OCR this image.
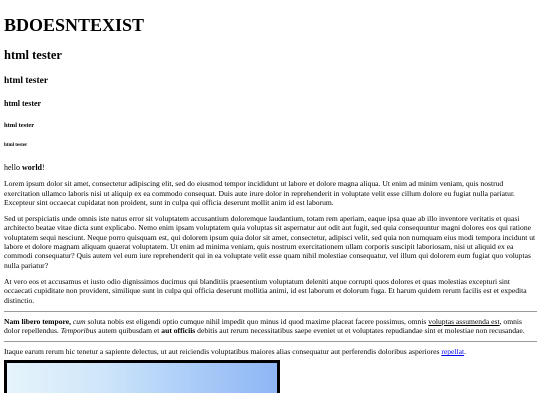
BDOESNTEXIST
html tester
html tester
html tester
html tester
html tester

hello world!

Lorem ipsum dolor sit amet, consectetur adipiscing elit, sed do eiusmod tempor incididunt ut labore et dolore magna aliqua. Ut enim ad minim veniam, quis nostrud exercitation ullamco laboris nisi ut aliquip ex ea commodo consequat. Duis aute irure dolor in reprehenderit in voluptate velit esse cillum dolore eu fugiat nulla pariatur. Excepteur sint occaecat cupidatat non proident, sunt in culpa qui officia deserunt mollit anim id est laborum.

Sed ut perspiciatis unde omnis iste natus error sit voluptatem accusantium doloremque laudantium, totam rem aperiam, eaque ipsa quae ab illo inventore veritatis et quasi architecto beatae vitae dicta sunt explicabo. Nemo enim ipsam voluptatem quia voluptas sit aspernatur aut odit aut fugit, sed quia consequuntur magni dolores eos qui ratione voluptatem sequi nesciunt. Neque porro quisquam est, qui dolorem ipsum quia dolor sit amet, consectetur, adipisci velit, sed quia non numquam eius modi tempora incidunt ut labore et dolore magnam aliquam quaerat voluptatem. Ut enim ad minima veniam, quis nostrum exercitationem ullam corporis suscipit laboriosam, nisi ut aliquid ex ea commodi consequatur? Quis autem vel eum iure reprehenderit qui in ea voluptate velit esse quam nihil molestiae consequatur, vel illum qui dolorem eum fugiat quo voluptas nulla pariatur?

At vero eos et accusamus et iusto odio dignissimos ducimus qui blanditiis praesentium voluptatum deleniti atque corrupti quos dolores et quas molestias excepturi sint occaecati cupiditate non provident, similique sunt in culpa qui officia deserunt mollitia animi, id est laborum et dolorum fuga. Et harum quidem rerum facilis est et expedita distinctio.

Nam libero tempore, cum soluta nobis est eligendi optio cumque nihil impedit quo minus id quod maxime placeat facere possimus, omnis voluptas assumenda est, omnis dolor repellendus. Temporibus autem quibusdam et aut officiis debitis aut rerum necessitatibus saepe eveniet ut et voluptates repudiandae sint et molestiae non recusandae.

Itaque earum rerum hic tenetur a sapiente delectus, ut aut reiciendis voluptatibus maiores alias consequatur aut perferendis doloribus asperiores repellat.
